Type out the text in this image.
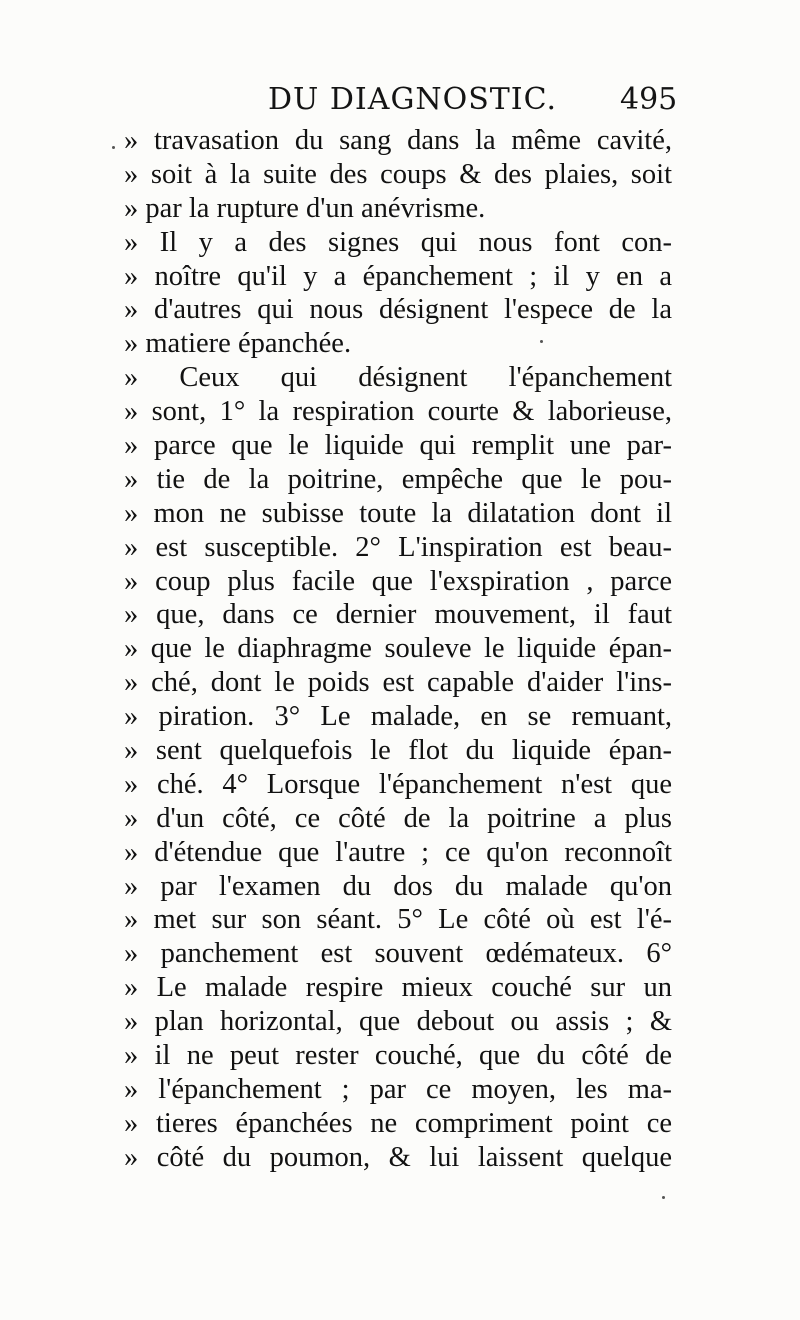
DU DIAGNOSTIC. 495
» travasation du sang dans la même cavité,
» soit à la suite des coups & des plaies, soit
» par la rupture d'un anévrisme.
» Il y a des signes qui nous font con-
» noître qu'il y a épanchement ; il y en a
» d'autres qui nous désignent l'espece de la
» matiere épanchée.
» Ceux qui désignent l'épanchement
» sont, 1° la respiration courte & laborieuse,
» parce que le liquide qui remplit une par-
» tie de la poitrine, empêche que le pou-
» mon ne subisse toute la dilatation dont il
» est susceptible. 2° L'inspiration est beau-
» coup plus facile que l'exspiration , parce
» que, dans ce dernier mouvement, il faut
» que le diaphragme souleve le liquide épan-
» ché, dont le poids est capable d'aider l'ins-
» piration. 3° Le malade, en se remuant,
» sent quelquefois le flot du liquide épan-
» ché. 4° Lorsque l'épanchement n'est que
» d'un côté, ce côté de la poitrine a plus
» d'étendue que l'autre ; ce qu'on reconnoît
» par l'examen du dos du malade qu'on
» met sur son séant. 5° Le côté où est l'é-
» panchement est souvent œdémateux. 6°
» Le malade respire mieux couché sur un
» plan horizontal, que debout ou assis ; &
» il ne peut rester couché, que du côté de
» l'épanchement ; par ce moyen, les ma-
» tieres épanchées ne compriment point ce
» côté du poumon, & lui laissent quelque
